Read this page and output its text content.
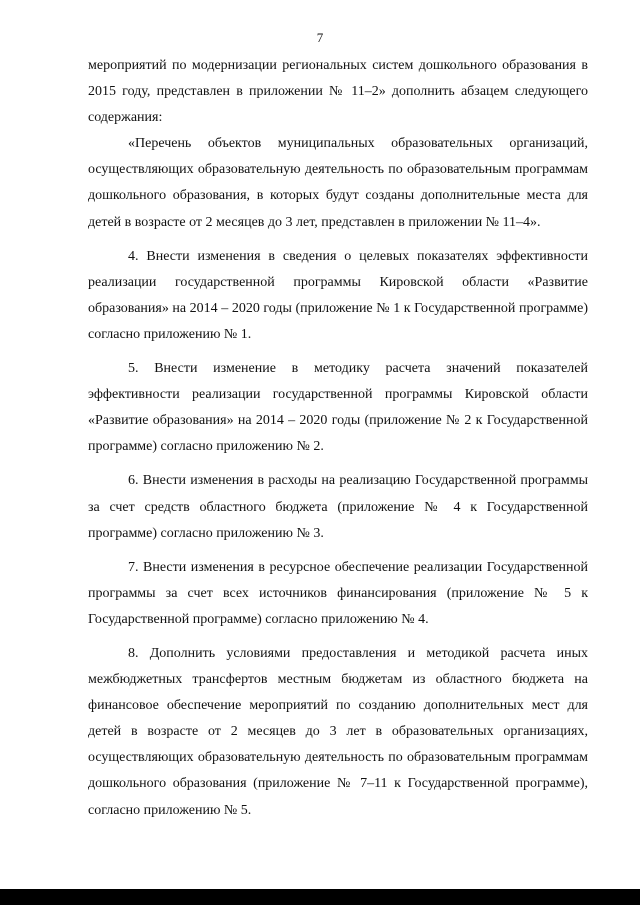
7

мероприятий по модернизации региональных систем дошкольного образования в 2015 году, представлен в приложении № 11–2» дополнить абзацем следующего содержания:

«Перечень объектов муниципальных образовательных организаций, осуществляющих образовательную деятельность по образовательным программам дошкольного образования, в которых будут созданы дополнительные места для детей в возрасте от 2 месяцев до 3 лет, представлен в приложении № 11–4».

4. Внести изменения в сведения о целевых показателях эффективности реализации государственной программы Кировской области «Развитие образования» на 2014 – 2020 годы (приложение № 1 к Государственной программе) согласно приложению № 1.

5. Внести изменение в методику расчета значений показателей эффективности реализации государственной программы Кировской области «Развитие образования» на 2014 – 2020 годы (приложение № 2 к Государственной программе) согласно приложению № 2.

6. Внести изменения в расходы на реализацию Государственной программы за счет средств областного бюджета (приложение № 4 к Государственной программе) согласно приложению № 3.

7. Внести изменения в ресурсное обеспечение реализации Государственной программы за счет всех источников финансирования (приложение № 5 к Государственной программе) согласно приложению № 4.

8. Дополнить условиями предоставления и методикой расчета иных межбюджетных трансфертов местным бюджетам из областного бюджета на финансовое обеспечение мероприятий по созданию дополнительных мест для детей в возрасте от 2 месяцев до 3 лет в образовательных организациях, осуществляющих образовательную деятельность по образовательным программам дошкольного образования (приложение № 7–11 к Государственной программе), согласно приложению № 5.
